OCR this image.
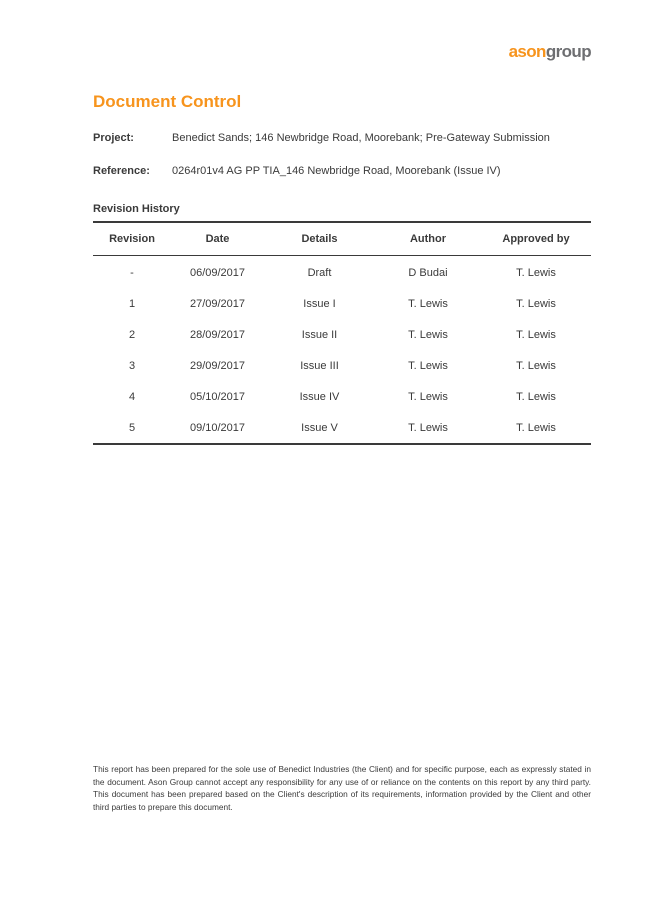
asongroup
Document Control
Project:	Benedict Sands; 146 Newbridge Road, Moorebank; Pre-Gateway Submission
Reference: 0264r01v4 AG PP TIA_146 Newbridge Road, Moorebank (Issue IV)
Revision History
Revision	Date	Details	Author	Approved by
-	06/09/2017	Draft	D Budai	T. Lewis
1	27/09/2017	Issue I	T. Lewis	T. Lewis
2	28/09/2017	Issue II	T. Lewis	T. Lewis
3	29/09/2017	Issue III	T. Lewis	T. Lewis
4	05/10/2017	Issue IV	T. Lewis	T. Lewis
5	09/10/2017	Issue V	T. Lewis	T. Lewis
This report has been prepared for the sole use of Benedict Industries (the Client) and for specific purpose, each as expressly stated in the document. Ason Group cannot accept any responsibility for any use of or reliance on the contents on this report by any third party. This document has been prepared based on the Client's description of its requirements, information provided by the Client and other third parties to prepare this document.
